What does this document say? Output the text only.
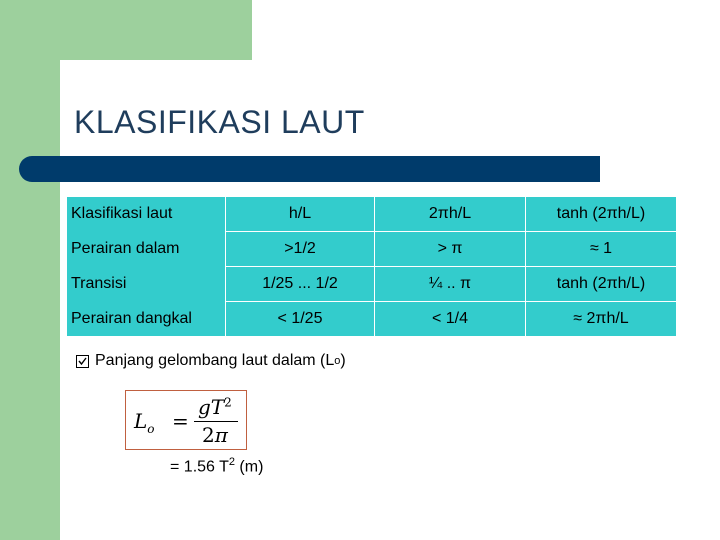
KLASIFIKASI LAUT
Klasifikasi laut	h/L	2πh/L	tanh (2πh/L)
Perairan dalam	>1/2	> π	≈ 1
Transisi	1/25 ... 1/2	¼ .. π	tanh (2πh/L)
Perairan dangkal	< 1/25	< 1/4	≈ 2πh/L
Panjang gelombang laut dalam (L o )
$L_o$ =
$gT^2$
2π
= 1.56 $T^2$ (m)
